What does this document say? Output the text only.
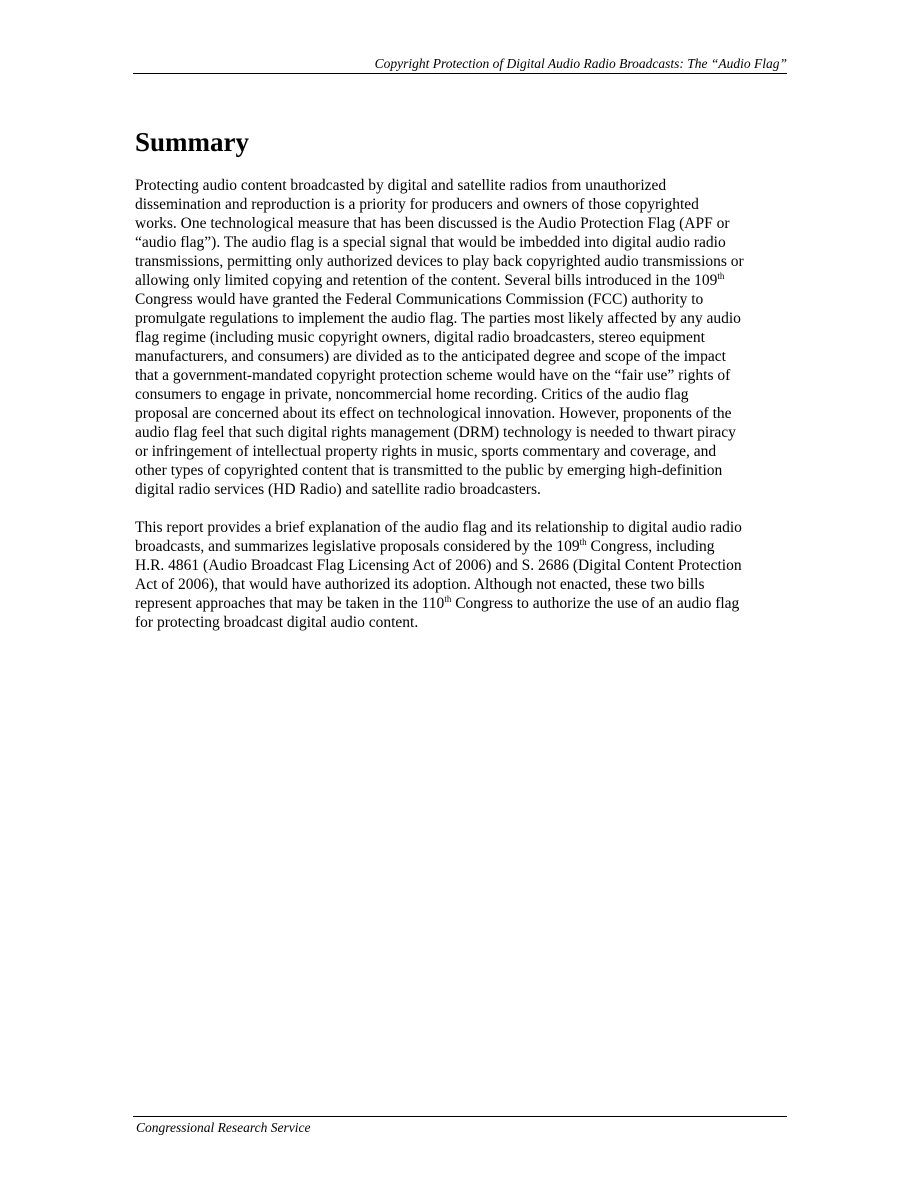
Copyright Protection of Digital Audio Radio Broadcasts: The “Audio Flag”
Summary

Protecting audio content broadcasted by digital and satellite radios from unauthorized
dissemination and reproduction is a priority for producers and owners of those copyrighted
works. One technological measure that has been discussed is the Audio Protection Flag (APF or
“audio flag”). The audio flag is a special signal that would be imbedded into digital audio radio
transmissions, permitting only authorized devices to play back copyrighted audio transmissions or
allowing only limited copying and retention of the content. Several bills introduced in the 109th
Congress would have granted the Federal Communications Commission (FCC) authority to
promulgate regulations to implement the audio flag. The parties most likely affected by any audio
flag regime (including music copyright owners, digital radio broadcasters, stereo equipment
manufacturers, and consumers) are divided as to the anticipated degree and scope of the impact
that a government-mandated copyright protection scheme would have on the “fair use” rights of
consumers to engage in private, noncommercial home recording. Critics of the audio flag
proposal are concerned about its effect on technological innovation. However, proponents of the
audio flag feel that such digital rights management (DRM) technology is needed to thwart piracy
or infringement of intellectual property rights in music, sports commentary and coverage, and
other types of copyrighted content that is transmitted to the public by emerging high-definition
digital radio services (HD Radio) and satellite radio broadcasters.

This report provides a brief explanation of the audio flag and its relationship to digital audio radio
broadcasts, and summarizes legislative proposals considered by the 109th Congress, including
H.R. 4861 (Audio Broadcast Flag Licensing Act of 2006) and S. 2686 (Digital Content Protection
Act of 2006), that would have authorized its adoption. Although not enacted, these two bills
represent approaches that may be taken in the 110th Congress to authorize the use of an audio flag
for protecting broadcast digital audio content.

Congressional Research Service
